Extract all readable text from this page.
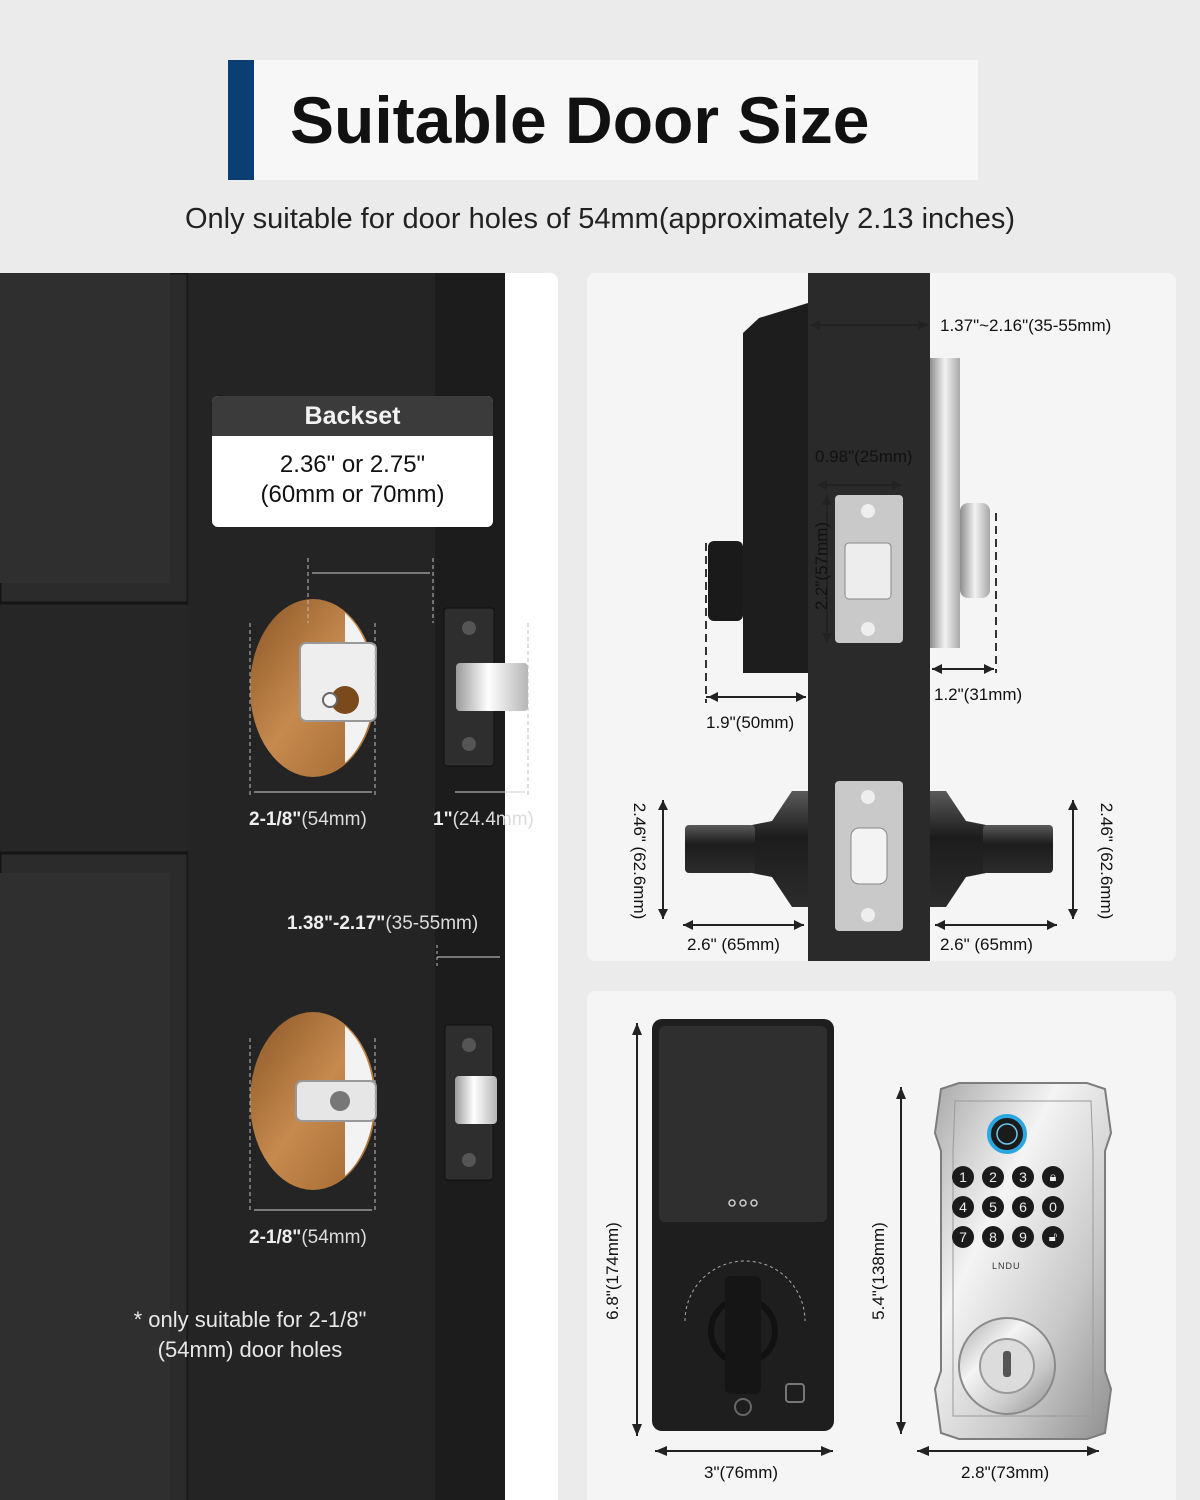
Suitable Door Size
Only suitable for door holes of 54mm(approximately 2.13 inches)
2-1/8"(54mm)	1"(24.4mm)
1.38"-2.17"(35-55mm)
2-1/8"(54mm)
Backset
2.36" or 2.75"
(60mm or 70mm)
* only suitable for 2-1/8"
(54mm) door holes
1.37"~2.16"(35-55mm)
0.98"(25mm)
2.2"(57mm)
1.9"(50mm)
1.2"(31mm)
2.46" (62.6mm)	2.46" (62.6mm)
2.6" (65mm)	2.6" (65mm)
1	2	3	🔒︎
4	5	6	0
7	8	9	🔓︎
LNDU
6.8"(174mm)
3"(76mm)
5.4"(138mm)
2.8"(73mm)
